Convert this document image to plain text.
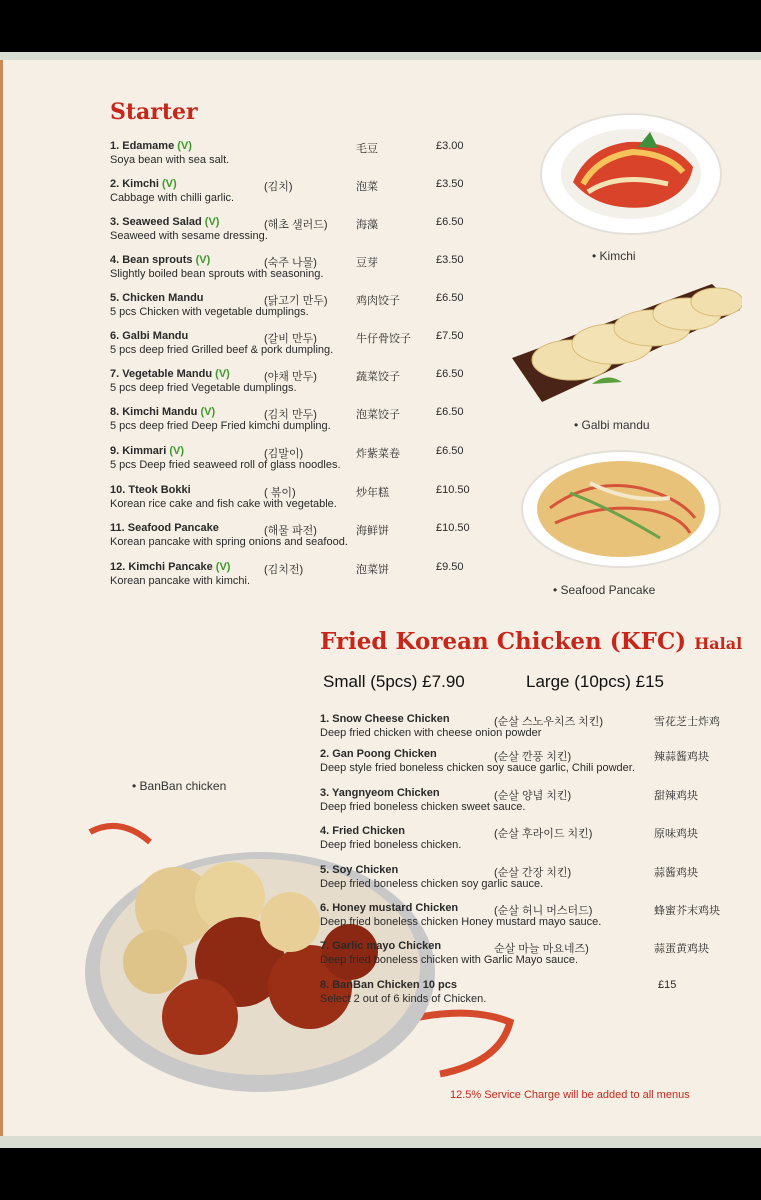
Starter
1. Edamame (V)	毛豆	£3.00
Soya bean with sea salt.
2. Kimchi (V)	(김치)	泡菜	£3.50
Cabbage with chilli garlic.
3. Seaweed Salad (V)	(해초 샐러드)	海藻	£6.50
Seaweed with sesame dressing.
4. Bean sprouts (V)	(숙주 나물)	豆芽	£3.50
Slightly boiled bean sprouts with seasoning.
5. Chicken Mandu	(닭고기 만두)	鸡肉饺子	£6.50
5 pcs Chicken with vegetable dumplings.
6. Galbi Mandu	(갈비 만두)	牛仔骨饺子 £7.50
5 pcs deep fried Grilled beef & pork dumpling.
7. Vegetable Mandu (V)	(야채 만두)	蔬菜饺子	£6.50
5 pcs deep fried Vegetable dumplings.
8. Kimchi Mandu (V)	(김치 만두)	泡菜饺子	£6.50
5 pcs deep fried Deep Fried kimchi dumpling.
9. Kimmari (V)	(김말이)	炸紫菜卷	£6.50
5 pcs Deep fried seaweed roll of glass noodles.
10. Tteok Bokki	( 볶이)	炒年糕	£10.50
Korean rice cake and fish cake with vegetable.
11. Seafood Pancake	(해물 파전)	海鲜饼	£10.50
Korean pancake with spring onions and seafood.
12. Kimchi Pancake (V)	(김치전)	泡菜饼	£9.50
Korean pancake with kimchi.
• Kimchi
• Galbi mandu
• Seafood Pancake
Fried Korean Chicken (KFC) Halal
Small (5pcs) £7.90	Large (10pcs) £15
• BanBan chicken
1. Snow Cheese Chicken	(순살 스노우치즈 치킨)	雪花芝士炸鸡
Deep fried chicken with cheese onion powder
2. Gan Poong Chicken	(순살 깐풍 치킨)	辣蒜酱鸡块
Deep style fried boneless chicken soy sauce garlic, Chili powder.
3. Yangnyeom Chicken	(순살 양념 치킨)	甜辣鸡块
Deep fried boneless chicken sweet sauce.
4. Fried Chicken	(순살 후라이드 치킨)	原味鸡块
Deep fried boneless chicken.
5. Soy Chicken	(순살 간장 치킨)	蒜酱鸡块
Deep fried boneless chicken soy garlic sauce.
6. Honey mustard Chicken	(순살 허니 머스터드)	蜂蜜芥末鸡块
Deep fried boneless chicken Honey mustard mayo sauce.
7. Garlic mayo Chicken	순살 마늘 마요네즈)	蒜蛋黄鸡块
Deep fried boneless chicken with Garlic Mayo sauce.
8. BanBan Chicken 10 pcs	£15
Select 2 out of 6 kinds of Chicken.
12.5% Service Charge will be added to all menus
